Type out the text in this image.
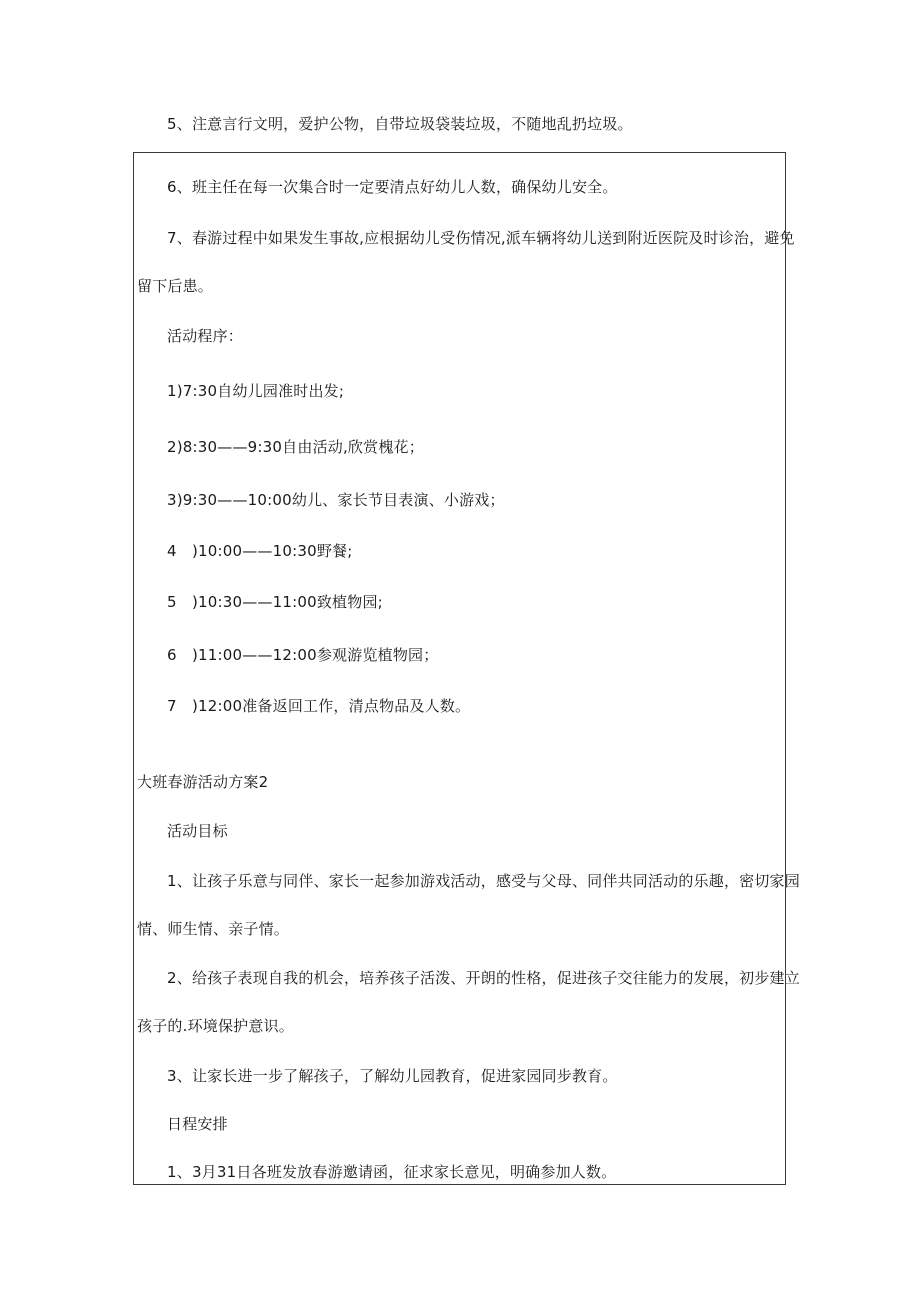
5、注意言行文明，爱护公物，自带垃圾袋装垃圾，不随地乱扔垃圾。
6、班主任在每一次集合时一定要清点好幼儿人数，确保幼儿安全。
7、春游过程中如果发生事故,应根据幼儿受伤情况,派车辆将幼儿送到附近医院及时诊治，避免
留下后患。
活动程序：
1)7:30自幼儿园准时出发;
2)8:30——9:30自由活动,欣赏槐花；
3)9:30——10:00幼儿、家长节目表演、小游戏；
4　)10:00——10:30野餐;
5　)10:30——11:00致植物园;
6　)11:00——12:00参观游览植物园；
7　)12:00准备返回工作，清点物品及人数。
大班春游活动方案2
活动目标
1、让孩子乐意与同伴、家长一起参加游戏活动，感受与父母、同伴共同活动的乐趣，密切家园
情、师生情、亲子情。
2、给孩子表现自我的机会，培养孩子活泼、开朗的性格，促进孩子交往能力的发展，初步建立
孩子的.环境保护意识。
3、让家长进一步了解孩子，了解幼儿园教育，促进家园同步教育。
日程安排
1、3月31日各班发放春游邀请函，征求家长意见，明确参加人数。
